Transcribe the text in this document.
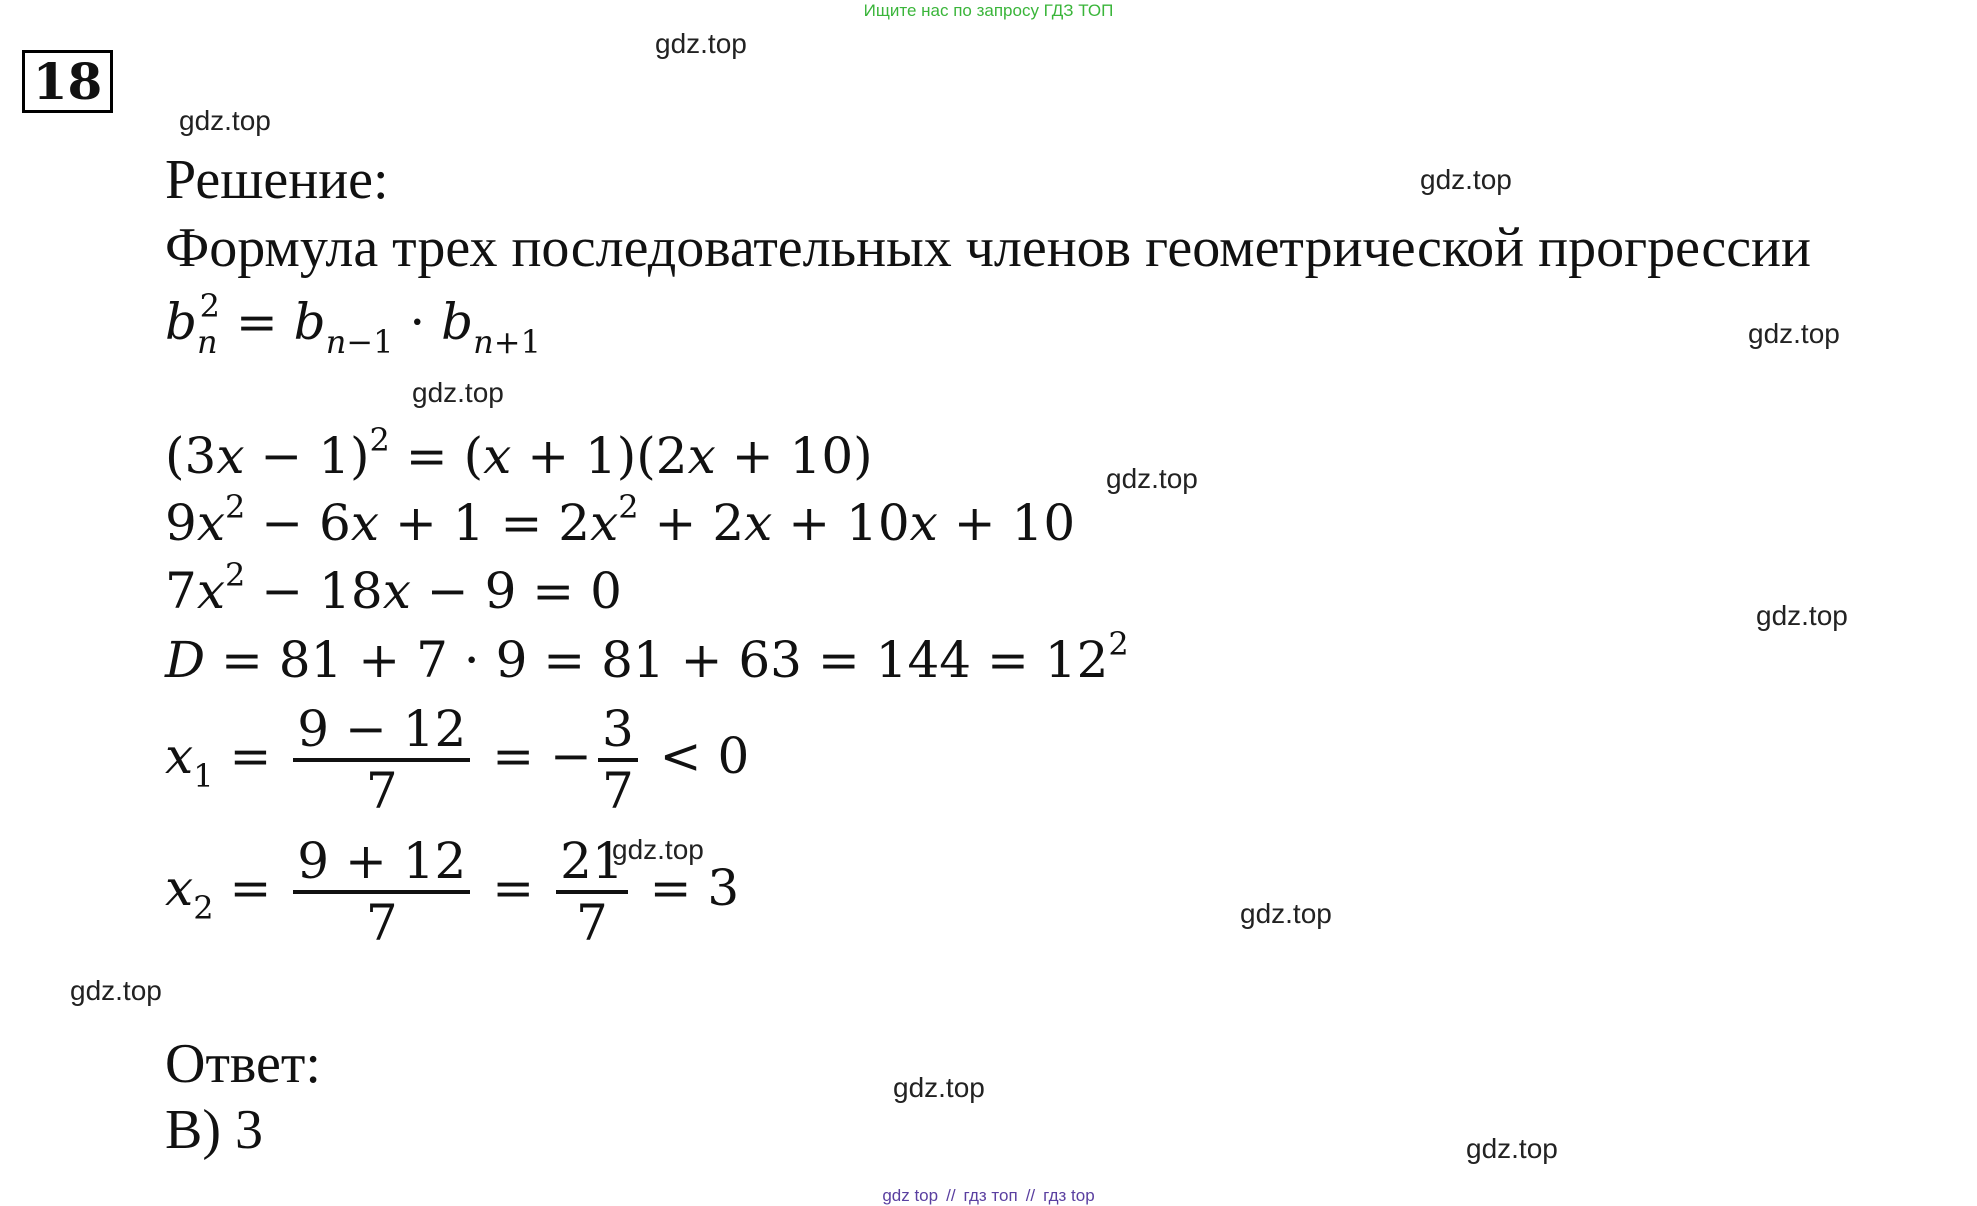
Ищите нас по запросу ГДЗ ТОП
18
gdz.top
gdz.top
gdz.top
gdz.top
gdz.top
gdz.top
gdz.top
gdz.top
gdz.top
gdz.top
gdz.top
gdz.top
Решение:
Формула трех последовательных членов геометрической прогрессии
$b_n^2 = b_{n-1} \cdot b_{n+1}$
$(3x - 1)^2 = (x + 1)(2x + 10)$
$9x^2 - 6x + 1 = 2x^2 + 2x + 10x + 10$
$7x^2 - 18x - 9 = 0$
$D = 81 + 7 \cdot 9 = 81 + 63 = 144 = 12^2$
$x_1 = \frac{9 - 12}{7}$ = − $\frac{3}{7} < 0$
$x_2 = \frac{9 + 12}{7} = \frac{21}{7} = 3$
Ответ:
B) 3
gdz top // гдз топ // гдз top
